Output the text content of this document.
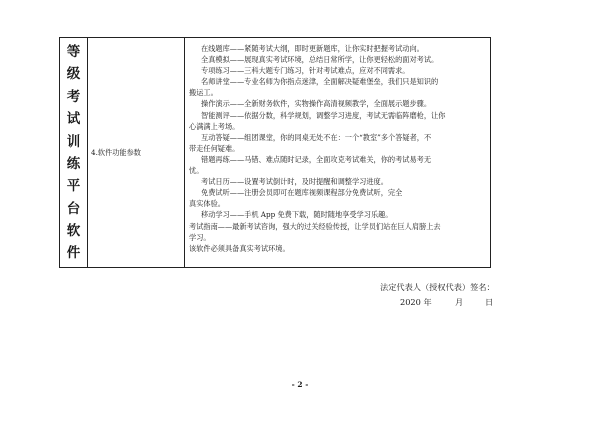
等
级
考
试
训
练
平
台
软
件
4.软件功能参数
在线题库——紧随考试大纲，即时更新题库，让你实时把握考试动向。
全真模拟——展现真实考试环境，总结日常所学，让你更轻松的面对考试。
专项练习——三科大题专门练习，针对考试难点，应对不同需求。
名师讲堂——专业名师为你指点迷津，全面解决疑难堡垒，我们只是知识的
搬运工。
操作演示——全新财务软件，实物操作高清视频教学，全面展示题步骤。
智能测评——依据分数，科学规划，调整学习进度，考试无需临阵磨枪，让你
心满满上考场。
互动答疑——组团课堂，你的同桌无处不在：一个“教室”多个答疑者，不
带走任何疑难。
错题再练——马错、难点随时记录，全面攻克考试难关，你的考试易考无
忧。
考试日历——设置考试倒计时，及时提醒和调整学习进度。
免费试听——注册会员即可在题库视频课程部分免费试听，完全
真实体验。
移动学习——手机 App 免费下载，随时随地享受学习乐趣。
考试指南——最新考试咨询，强大的过关经验传授，让学员们站在巨人肩膀上去
学习。
该软件必须具备真实考试环境。
法定代表人（授权代表）签名：
2020 年	月	日
- 2 -
